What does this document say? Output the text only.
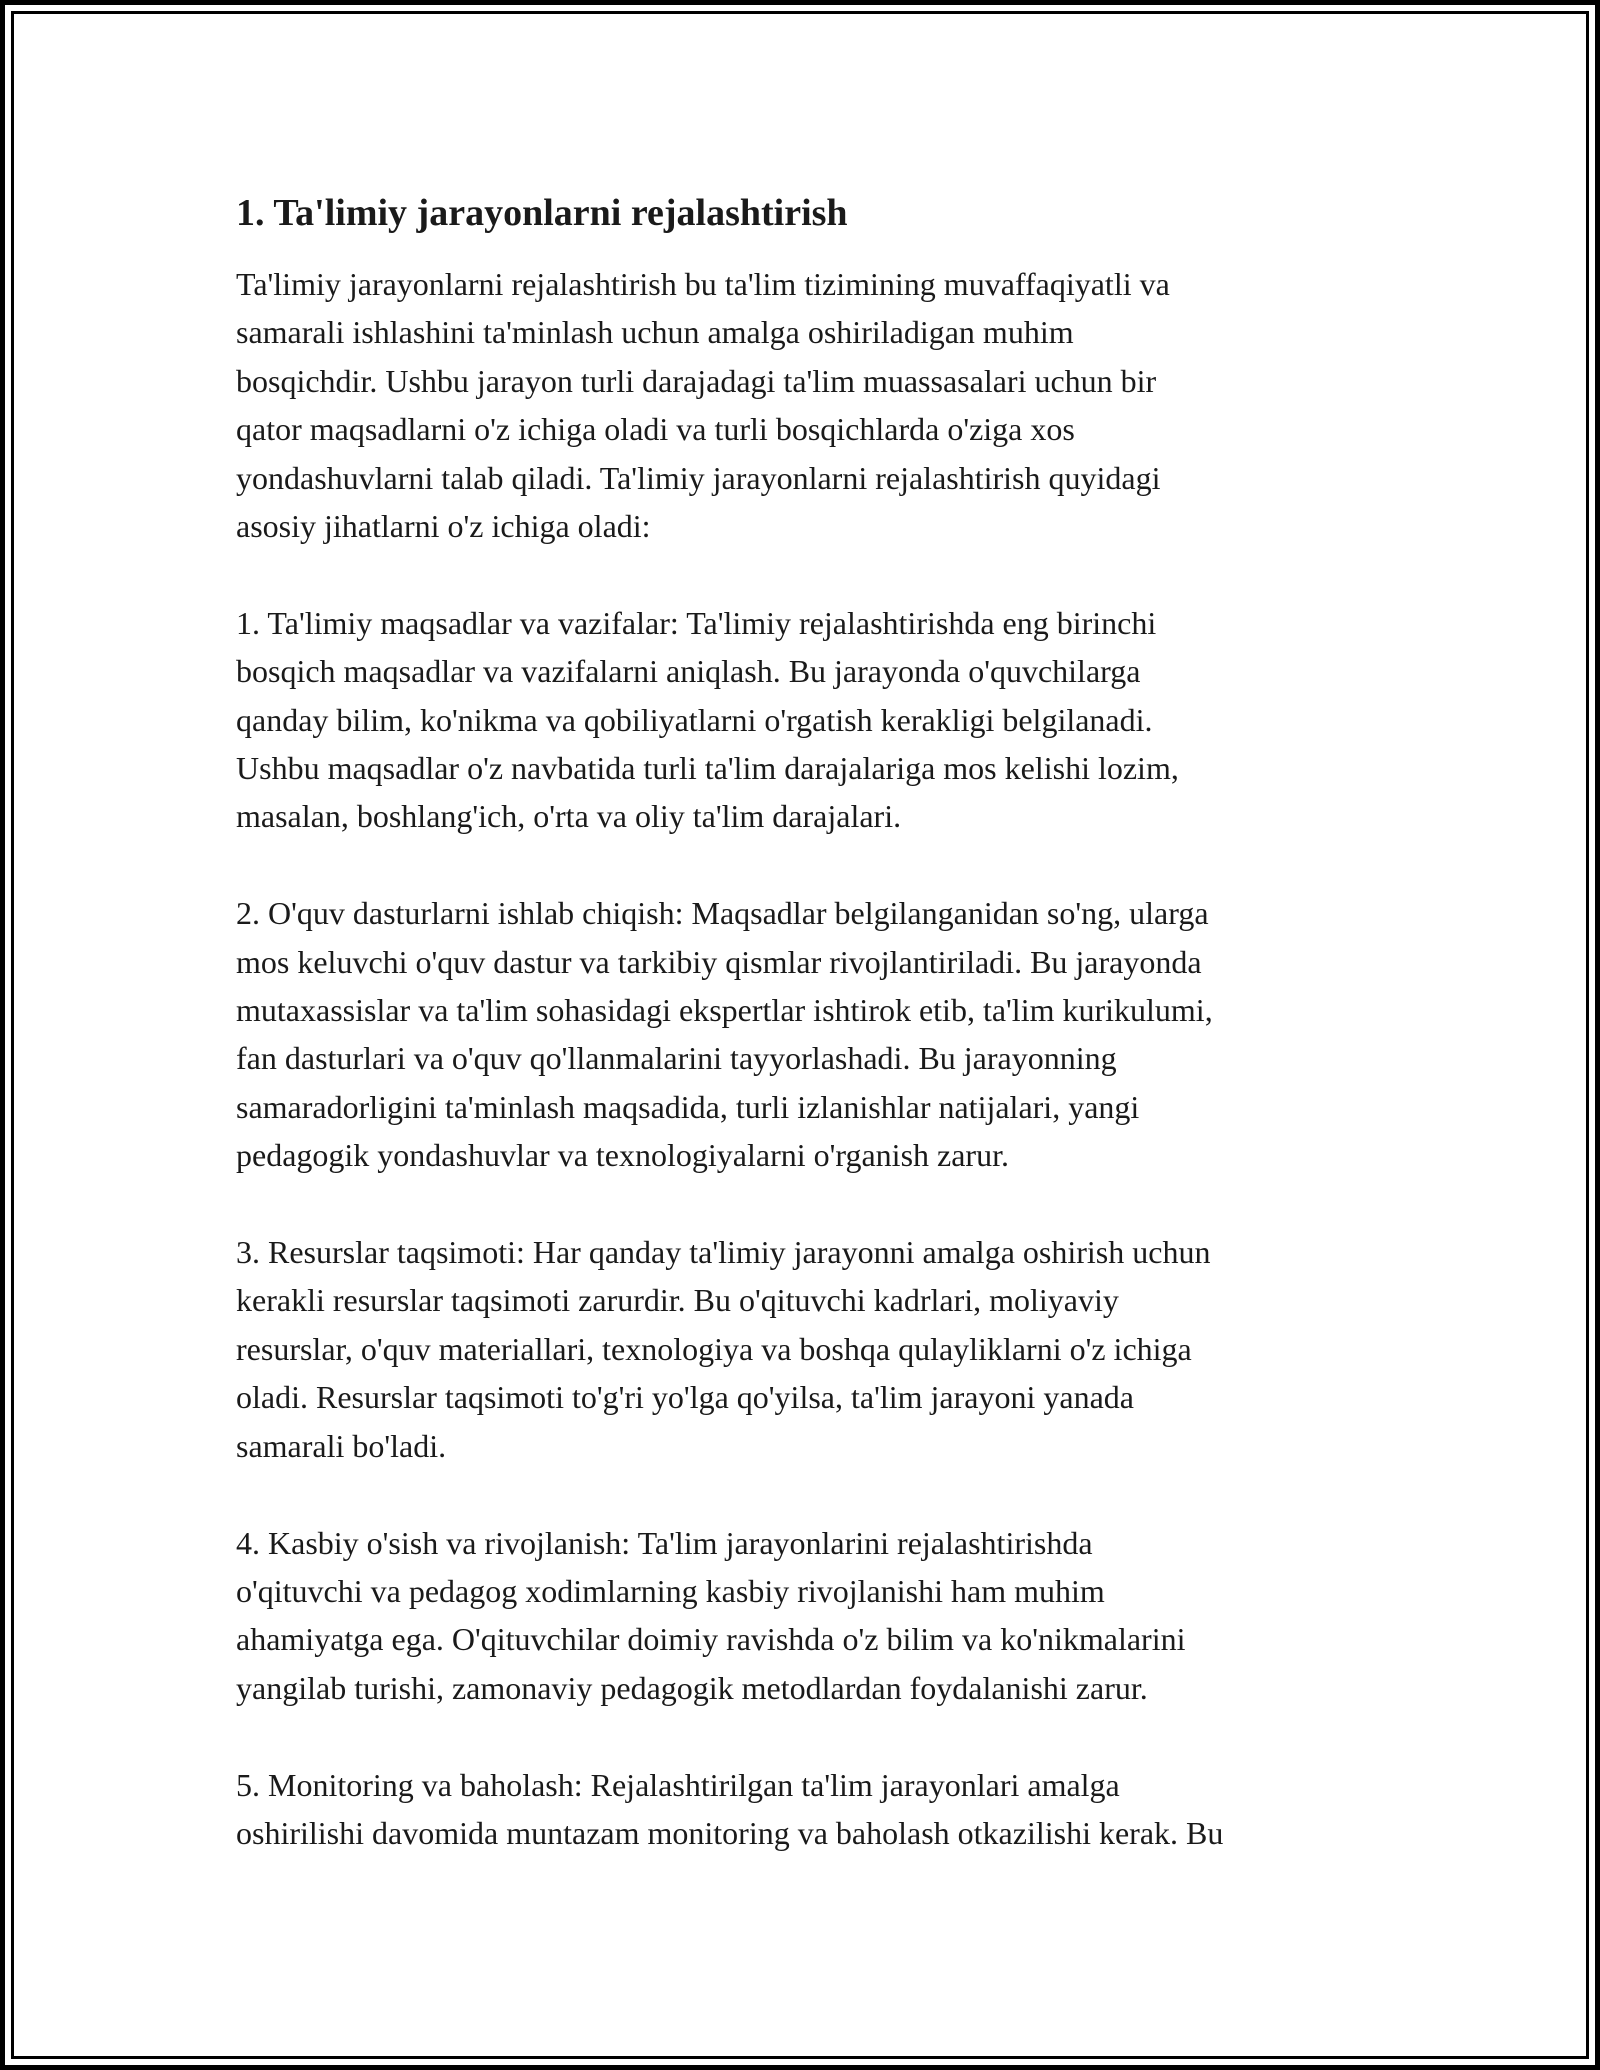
1. Ta'limiy jarayonlarni rejalashtirish

Ta'limiy jarayonlarni rejalashtirish bu ta'lim tizimining muvaffaqiyatli va
samarali ishlashini ta'minlash uchun amalga oshiriladigan muhim
bosqichdir. Ushbu jarayon turli darajadagi ta'lim muassasalari uchun bir
qator maqsadlarni o'z ichiga oladi va turli bosqichlarda o'ziga xos
yondashuvlarni talab qiladi. Ta'limiy jarayonlarni rejalashtirish quyidagi
asosiy jihatlarni o'z ichiga oladi:

1. Ta'limiy maqsadlar va vazifalar: Ta'limiy rejalashtirishda eng birinchi
bosqich maqsadlar va vazifalarni aniqlash. Bu jarayonda o'quvchilarga
qanday bilim, ko'nikma va qobiliyatlarni o'rgatish kerakligi belgilanadi.
Ushbu maqsadlar o'z navbatida turli ta'lim darajalariga mos kelishi lozim,
masalan, boshlang'ich, o'rta va oliy ta'lim darajalari.

2. O'quv dasturlarni ishlab chiqish: Maqsadlar belgilanganidan so'ng, ularga
mos keluvchi o'quv dastur va tarkibiy qismlar rivojlantiriladi. Bu jarayonda
mutaxassislar va ta'lim sohasidagi ekspertlar ishtirok etib, ta'lim kurikulumi,
fan dasturlari va o'quv qo'llanmalarini tayyorlashadi. Bu jarayonning
samaradorligini ta'minlash maqsadida, turli izlanishlar natijalari, yangi
pedagogik yondashuvlar va texnologiyalarni o'rganish zarur.

3. Resurslar taqsimoti: Har qanday ta'limiy jarayonni amalga oshirish uchun
kerakli resurslar taqsimoti zarurdir. Bu o'qituvchi kadrlari, moliyaviy
resurslar, o'quv materiallari, texnologiya va boshqa qulayliklarni o'z ichiga
oladi. Resurslar taqsimoti to'g'ri yo'lga qo'yilsa, ta'lim jarayoni yanada
samarali bo'ladi.

4. Kasbiy o'sish va rivojlanish: Ta'lim jarayonlarini rejalashtirishda
o'qituvchi va pedagog xodimlarning kasbiy rivojlanishi ham muhim
ahamiyatga ega. O'qituvchilar doimiy ravishda o'z bilim va ko'nikmalarini
yangilab turishi, zamonaviy pedagogik metodlardan foydalanishi zarur.

5. Monitoring va baholash: Rejalashtirilgan ta'lim jarayonlari amalga
oshirilishi davomida muntazam monitoring va baholash otkazilishi kerak. Bu
